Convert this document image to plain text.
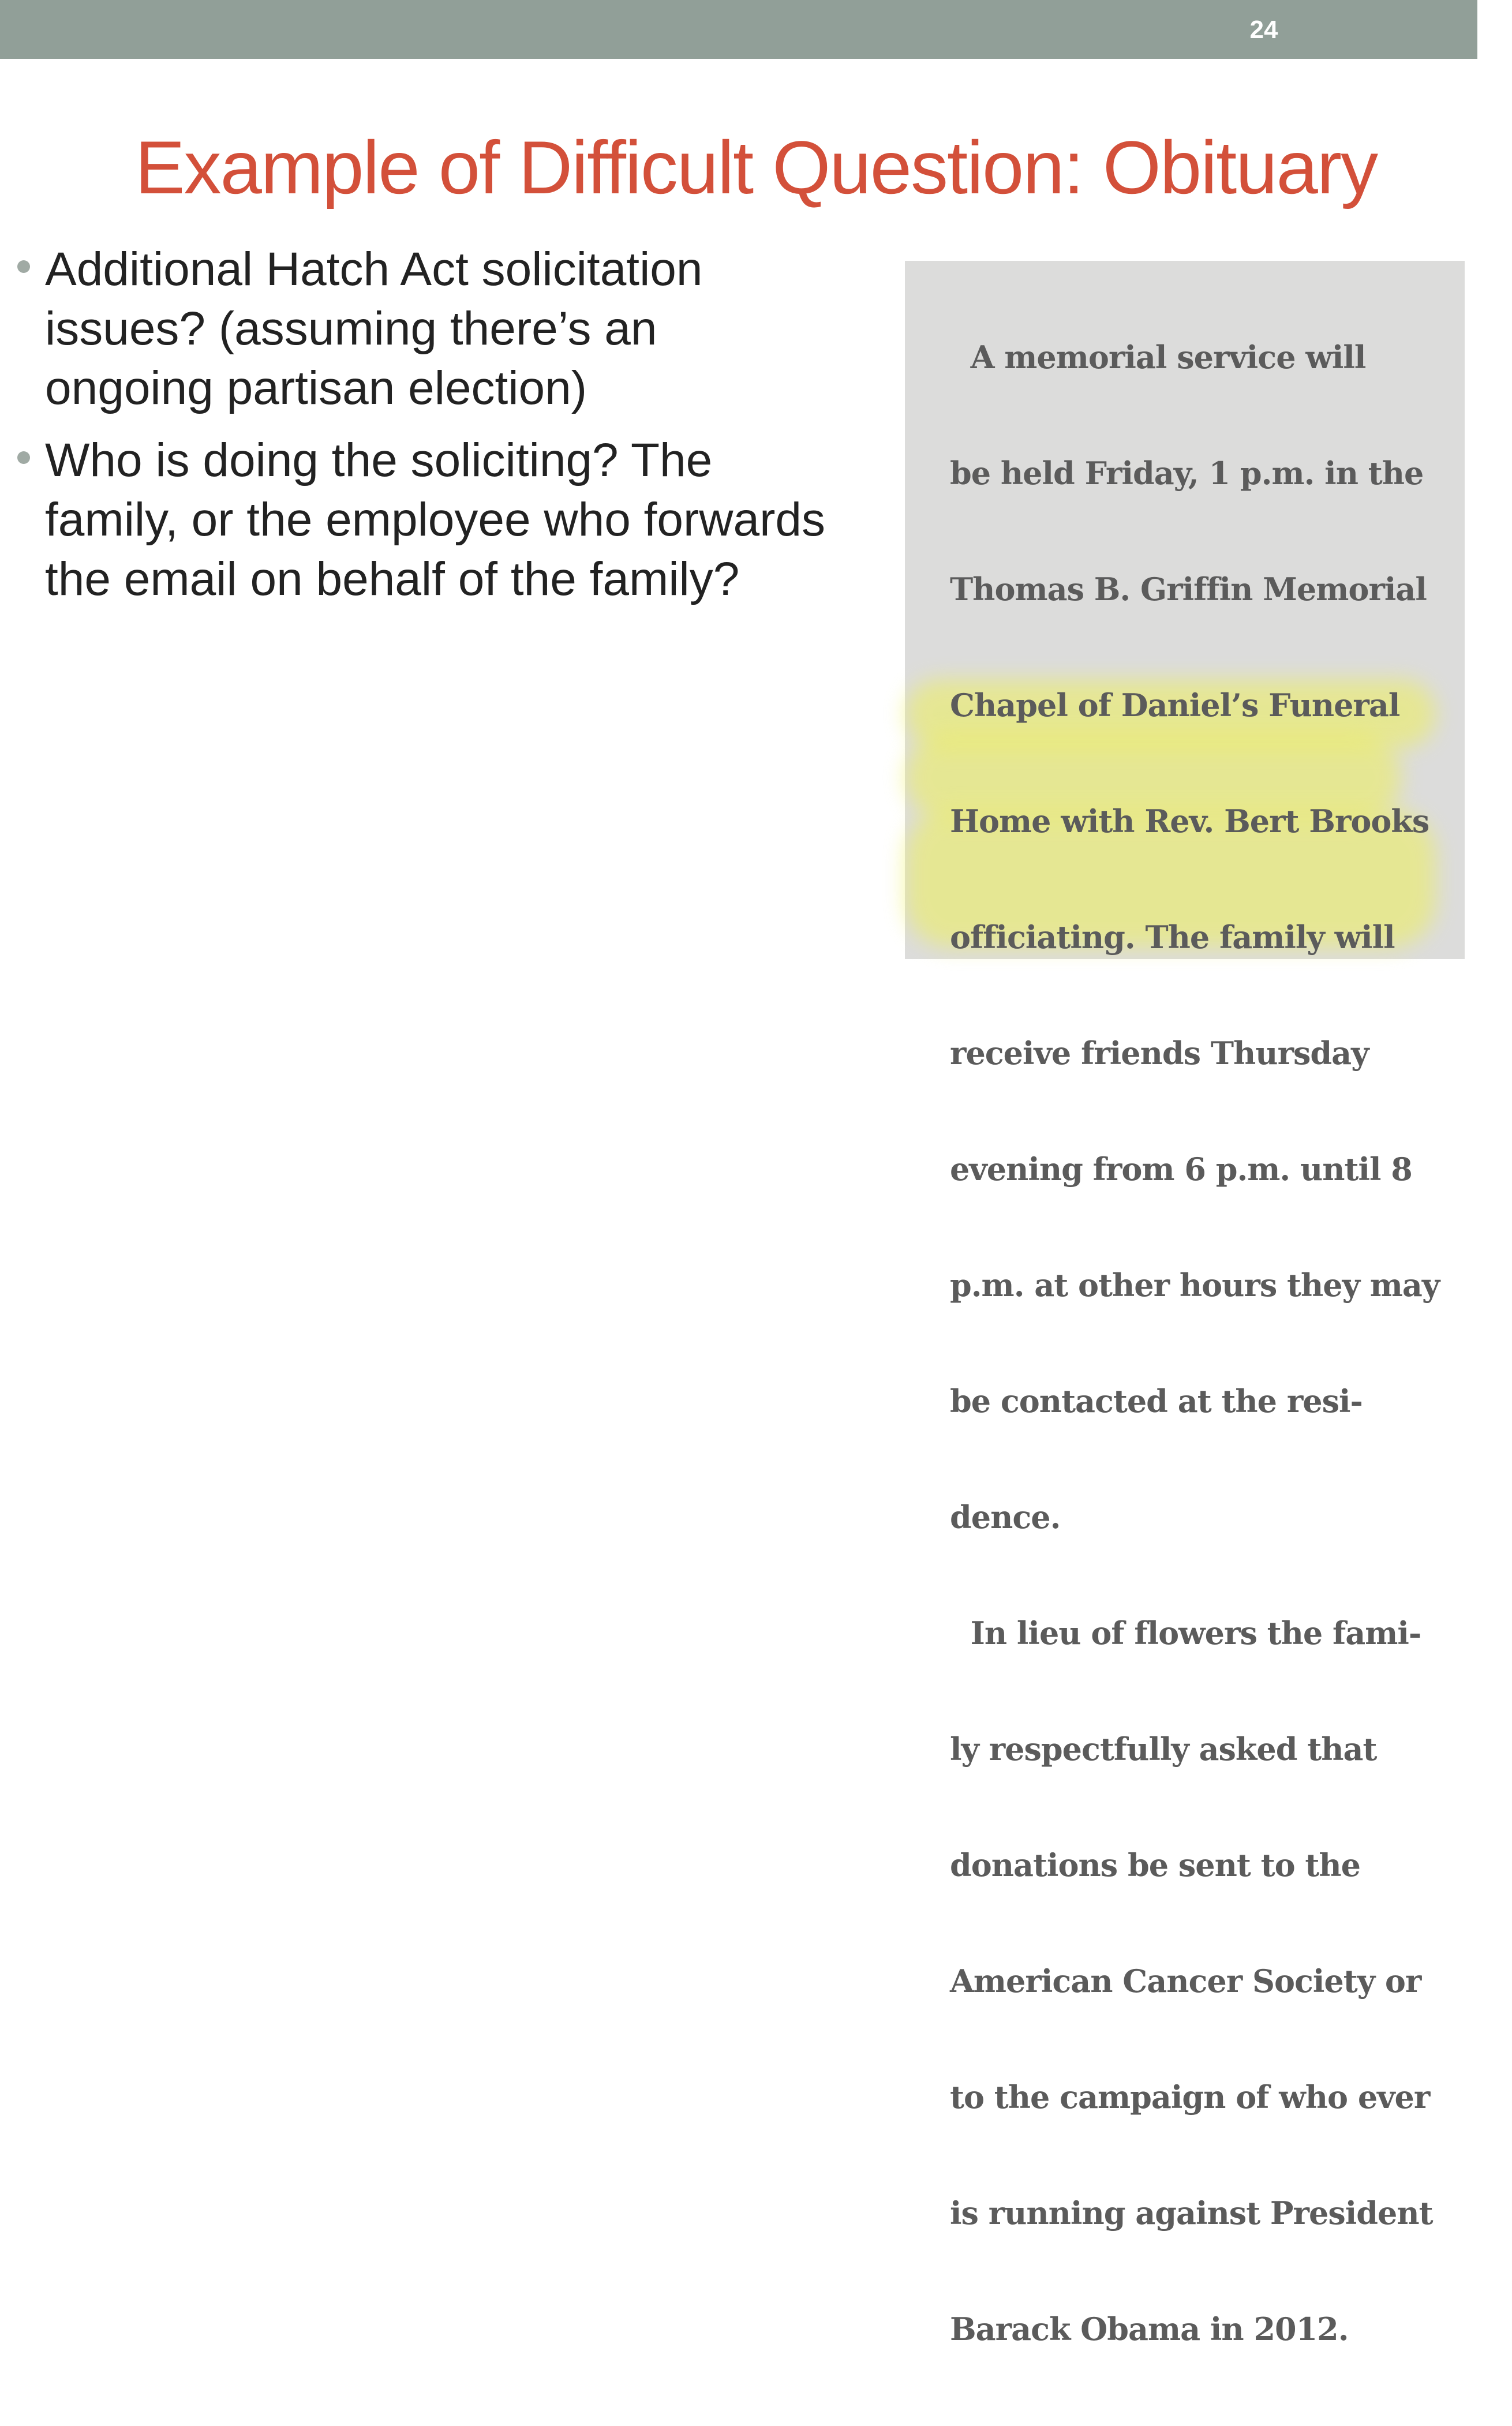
24
Example of Difficult Question: Obituary
Additional Hatch Act solicitation
issues? (assuming there’s an
ongoing partisan election)
Who is doing the soliciting? The
family, or the employee who forwards
the email on behalf of the family?

A memorial service will

be held Friday, 1 p.m. in the

Thomas B. Griffin Memorial

Chapel of Daniel’s Funeral

Home with Rev. Bert Brooks

officiating. The family will

receive friends Thursday

evening from 6 p.m. until 8

p.m. at other hours they may

be contacted at the resi-

dence.

In lieu of flowers the fami-

ly respectfully asked that

donations be sent to the

American Cancer Society or

to the campaign of who ever

is running against President

Barack Obama in 2012.
